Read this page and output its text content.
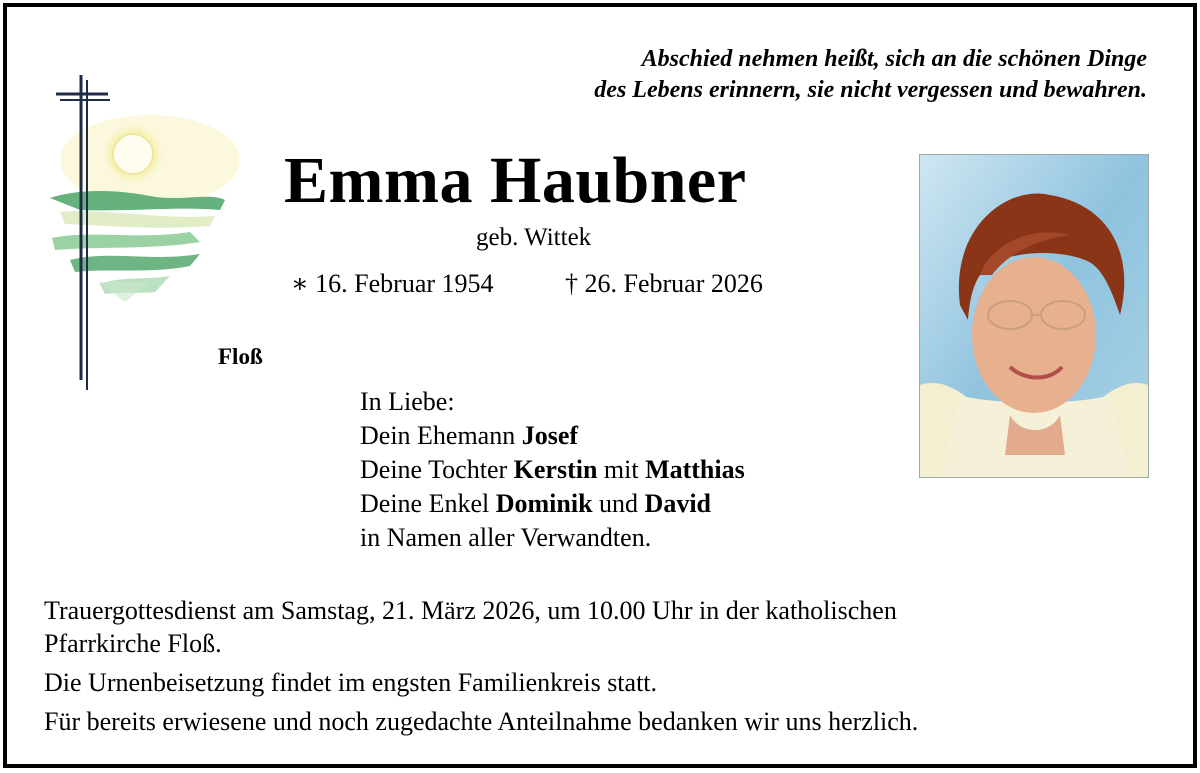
Abschied nehmen heißt, sich an die schönen Dinge
des Lebens erinnern, sie nicht vergessen und bewahren.
Emma Haubner
geb. Wittek
∗ 16. Februar 1954	† 26. Februar 2026
Floß
In Liebe:
Dein Ehemann Josef
Deine Tochter Kerstin mit Matthias
Deine Enkel Dominik und David
in Namen aller Verwandten.
Trauergottesdienst am Samstag, 21. März 2026, um 10.00 Uhr in der katholischen
Pfarrkirche Floß.
Die Urnenbeisetzung findet im engsten Familienkreis statt.
Für bereits erwiesene und noch zugedachte Anteilnahme bedanken wir uns herzlich.
